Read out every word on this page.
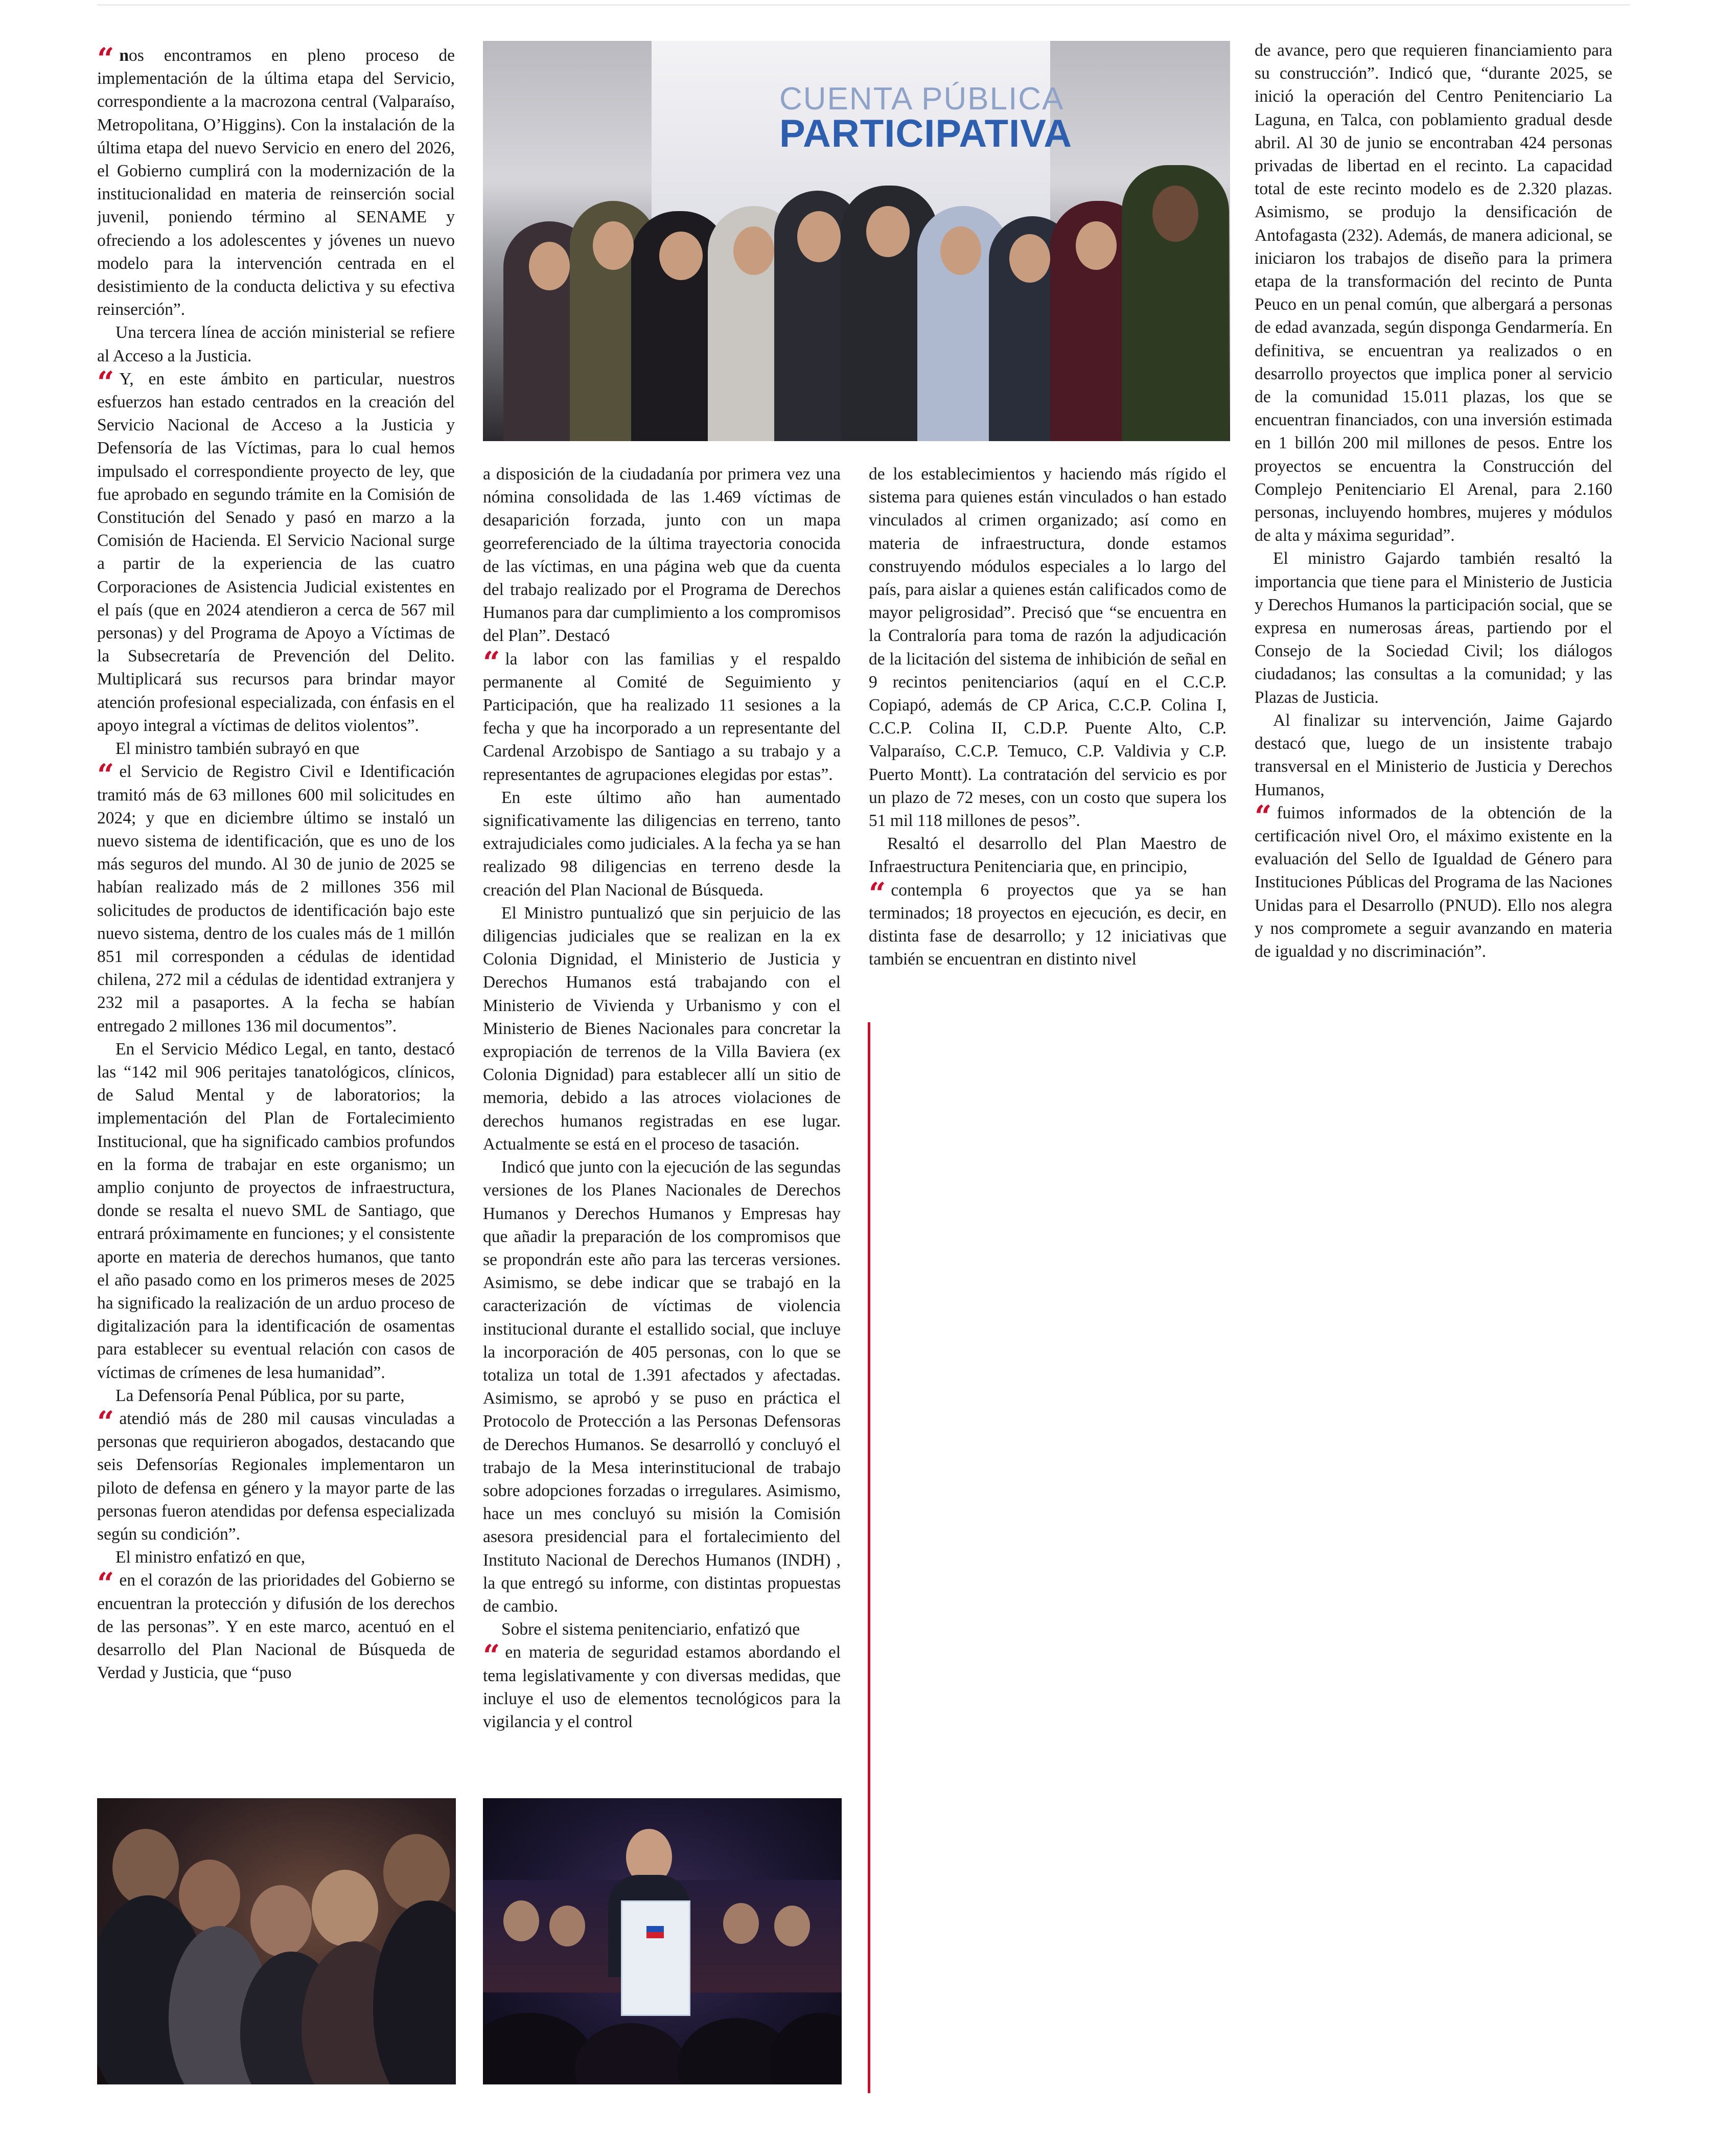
“ nos encontramos en pleno proceso de implementación de la última etapa del Servicio, correspondiente a la macrozona central (Valparaíso, Metropolitana, O’Higgins). Con la instalación de la última etapa del nuevo Servicio en enero del 2026, el Gobierno cumplirá con la modernización de la institucionalidad en materia de reinserción social juvenil, poniendo término al SENAME y ofreciendo a los adolescentes y jóvenes un nuevo modelo para la intervención centrada en el desistimiento de la conducta delictiva y su efectiva reinserción”.

Una tercera línea de acción ministerial se refiere al Acceso a la Justicia.

“ Y, en este ámbito en particular, nuestros esfuerzos han estado centrados en la creación del Servicio Nacional de Acceso a la Justicia y Defensoría de las Víctimas, para lo cual hemos impulsado el correspondiente proyecto de ley, que fue aprobado en segundo trámite en la Comisión de Constitución del Senado y pasó en marzo a la Comisión de Hacienda. El Servicio Nacional surge a partir de la experiencia de las cuatro Corporaciones de Asistencia Judicial existentes en el país (que en 2024 atendieron a cerca de 567 mil personas) y del Programa de Apoyo a Víctimas de la Subsecretaría de Prevención del Delito. Multiplicará sus recursos para brindar mayor atención profesional especializada, con énfasis en el apoyo integral a víctimas de delitos violentos”.

El ministro también subrayó en que

“ el Servicio de Registro Civil e Identificación tramitó más de 63 millones 600 mil solicitudes en 2024; y que en diciembre último se instaló un nuevo sistema de identificación, que es uno de los más seguros del mundo. Al 30 de junio de 2025 se habían realizado más de 2 millones 356 mil solicitudes de productos de identificación bajo este nuevo sistema, dentro de los cuales más de 1 millón 851 mil corresponden a cédulas de identidad chilena, 272 mil a cédulas de identidad extranjera y 232 mil a pasaportes. A la fecha se habían entregado 2 millones 136 mil documentos”.

En el Servicio Médico Legal, en tanto, destacó las “142 mil 906 peritajes tanatológicos, clínicos, de Salud Mental y de laboratorios; la implementación del Plan de Fortalecimiento Institucional, que ha significado cambios profundos en la forma de trabajar en este organismo; un amplio conjunto de proyectos de infraestructura, donde se resalta el nuevo SML de Santiago, que entrará próximamente en funciones; y el consistente aporte en materia de derechos humanos, que tanto el año pasado como en los primeros meses de 2025 ha significado la realización de un arduo proceso de digitalización para la identificación de osamentas para establecer su eventual relación con casos de víctimas de crímenes de lesa humanidad”.

La Defensoría Penal Pública, por su parte,

“ atendió más de 280 mil causas vinculadas a personas que requirieron abogados, destacando que seis Defensorías Regionales implementaron un piloto de defensa en género y la mayor parte de las personas fueron atendidas por defensa especializada según su condición”.

El ministro enfatizó en que,

“ en el corazón de las prioridades del Gobierno se encuentran la protección y difusión de los derechos de las personas”. Y en este marco, acentuó en el desarrollo del Plan Nacional de Búsqueda de Verdad y Justicia, que “puso

CUENTA PÚBLICA
PARTICIPATIVA

a disposición de la ciudadanía por primera vez una nómina consolidada de las 1.469 víctimas de desaparición forzada, junto con un mapa georreferenciado de la última trayectoria conocida de las víctimas, en una página web que da cuenta del trabajo realizado por el Programa de Derechos Humanos para dar cumplimiento a los compromisos del Plan”. Destacó

“ la labor con las familias y el respaldo permanente al Comité de Seguimiento y Participación, que ha realizado 11 sesiones a la fecha y que ha incorporado a un representante del Cardenal Arzobispo de Santiago a su trabajo y a representantes de agrupaciones elegidas por estas”.

En este último año han aumentado significativamente las diligencias en terreno, tanto extrajudiciales como judiciales. A la fecha ya se han realizado 98 diligencias en terreno desde la creación del Plan Nacional de Búsqueda.

El Ministro puntualizó que sin perjuicio de las diligencias judiciales que se realizan en la ex Colonia Dignidad, el Ministerio de Justicia y Derechos Humanos está trabajando con el Ministerio de Vivienda y Urbanismo y con el Ministerio de Bienes Nacionales para concretar la expropiación de terrenos de la Villa Baviera (ex Colonia Dignidad) para establecer allí un sitio de memoria, debido a las atroces violaciones de derechos humanos registradas en ese lugar. Actualmente se está en el proceso de tasación.

Indicó que junto con la ejecución de las segundas versiones de los Planes Nacionales de Derechos Humanos y Derechos Humanos y Empresas hay que añadir la preparación de los compromisos que se propondrán este año para las terceras versiones. Asimismo, se debe indicar que se trabajó en la caracterización de víctimas de violencia institucional durante el estallido social, que incluye la incorporación de 405 personas, con lo que se totaliza un total de 1.391 afectados y afectadas. Asimismo, se aprobó y se puso en práctica el Protocolo de Protección a las Personas Defensoras de Derechos Humanos. Se desarrolló y concluyó el trabajo de la Mesa interinstitucional de trabajo sobre adopciones forzadas o irregulares. Asimismo, hace un mes concluyó su misión la Comisión asesora presidencial para el fortalecimiento del Instituto Nacional de Derechos Humanos (INDH) , la que entregó su informe, con distintas propuestas de cambio.

Sobre el sistema penitenciario, enfatizó que

“ en materia de seguridad estamos abordando el tema legislativamente y con diversas medidas, que incluye el uso de elementos tecnológicos para la vigilancia y el control

de los establecimientos y haciendo más rígido el sistema para quienes están vinculados o han estado vinculados al crimen organizado; así como en materia de infraestructura, donde estamos construyendo módulos especiales a lo largo del país, para aislar a quienes están calificados como de mayor peligrosidad”. Precisó que “se encuentra en la Contraloría para toma de razón la adjudicación de la licitación del sistema de inhibición de señal en 9 recintos penitenciarios (aquí en el C.C.P. Copiapó, además de CP Arica, C.C.P. Colina I, C.C.P. Colina II, C.D.P. Puente Alto, C.P. Valparaíso, C.C.P. Temuco, C.P. Valdivia y C.P. Puerto Montt). La contratación del servicio es por un plazo de 72 meses, con un costo que supera los 51 mil 118 millones de pesos”.

Resaltó el desarrollo del Plan Maestro de Infraestructura Penitenciaria que, en principio,

“ contempla 6 proyectos que ya se han terminados; 18 proyectos en ejecución, es decir, en distinta fase de desarrollo; y 12 iniciativas que también se encuentran en distinto nivel

de avance, pero que requieren financiamiento para su construcción”. Indicó que, “durante 2025, se inició la operación del Centro Penitenciario La Laguna, en Talca, con poblamiento gradual desde abril. Al 30 de junio se encontraban 424 personas privadas de libertad en el recinto. La capacidad total de este recinto modelo es de 2.320 plazas. Asimismo, se produjo la densificación de Antofagasta (232). Además, de manera adicional, se iniciaron los trabajos de diseño para la primera etapa de la transformación del recinto de Punta Peuco en un penal común, que albergará a personas de edad avanzada, según disponga Gendarmería. En definitiva, se encuentran ya realizados o en desarrollo proyectos que implica poner al servicio de la comunidad 15.011 plazas, los que se encuentran financiados, con una inversión estimada en 1 billón 200 mil millones de pesos. Entre los proyectos se encuentra la Construcción del Complejo Penitenciario El Arenal, para 2.160 personas, incluyendo hombres, mujeres y módulos de alta y máxima seguridad”.

El ministro Gajardo también resaltó la importancia que tiene para el Ministerio de Justicia y Derechos Humanos la participación social, que se expresa en numerosas áreas, partiendo por el Consejo de la Sociedad Civil; los diálogos ciudadanos; las consultas a la comunidad; y las Plazas de Justicia.

Al finalizar su intervención, Jaime Gajardo destacó que, luego de un insistente trabajo transversal en el Ministerio de Justicia y Derechos Humanos,

“ fuimos informados de la obtención de la certificación nivel Oro, el máximo existente en la evaluación del Sello de Igualdad de Género para Instituciones Públicas del Programa de las Naciones Unidas para el Desarrollo (PNUD). Ello nos alegra y nos compromete a seguir avanzando en materia de igualdad y no discriminación”.
